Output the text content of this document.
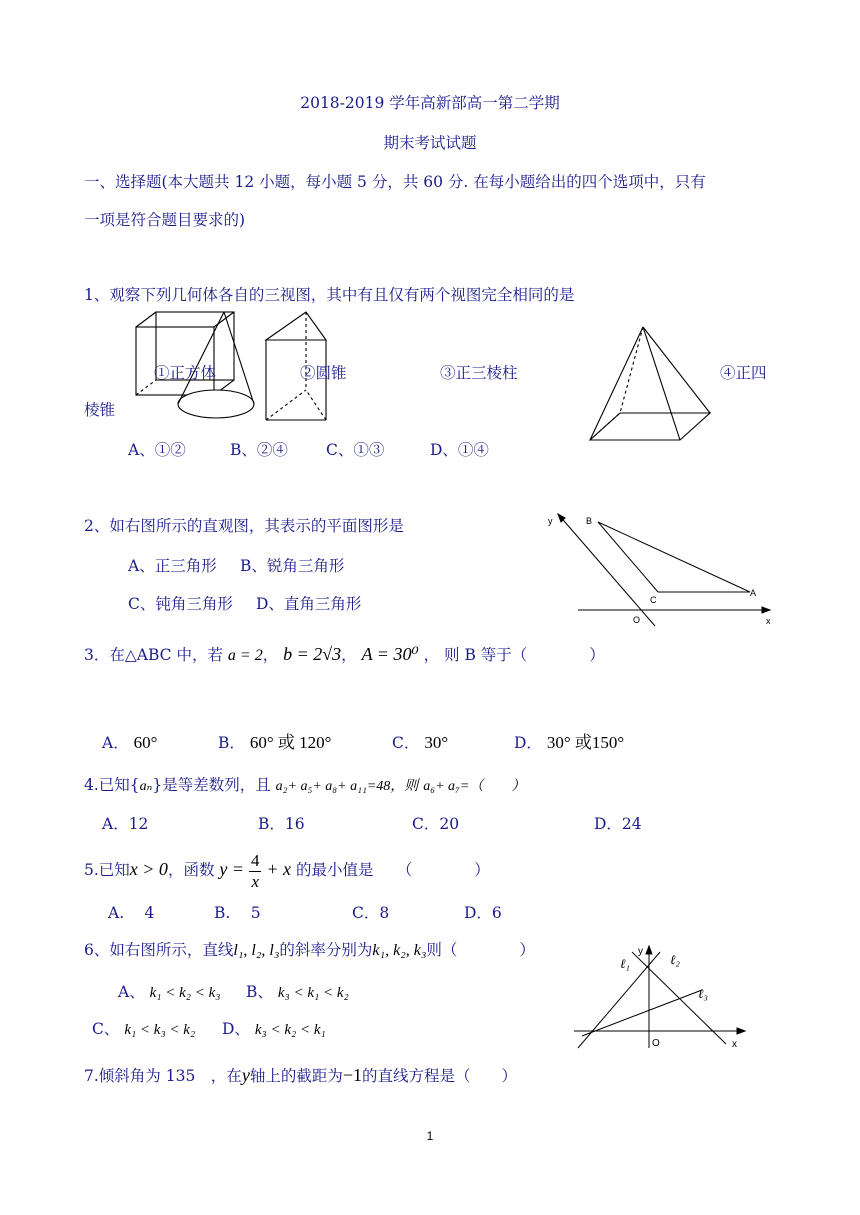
2018-2019 学年高新部高一第二学期
期末考试试题
一、选择题(本大题共 12 小题，每小题 5 分，共 60 分. 在每小题给出的四个选项中，只有
一项是符合题目要求的)
1、观察下列几何体各自的三视图，其中有且仅有两个视图完全相同的是
①正方体	②圆锥	③正三棱柱	④正四
棱锥
A、①②	B、②④ C、①③	D、①④
2、如右图所示的直观图，其表示的平面图形是
A、正三角形 B、锐角三角形
C、钝角三角形 D、直角三角形
y
x
O
B
C
A
3．在△ABC 中，若 a = 2， b = 2√3， A = 30⁰ ， 则 B 等于（　　　　）
A． 60°	B． 60° 或 120°	C． 30°	D． 30° 或150°
4.已知{aₙ}是等差数列，且 a₂+ a₅+ a₈+ a₁₁=48，则 a₆+ a₇=（　　）
A．12	B．16	C．20	D．24
5.已知x > 0，函数 $y = \frac{4}{x} + x$ 的最小值是　　（　　　　）
A.　 4	B.　 5	C．8	D．6
6、如右图所示，直线l₁, l₂, l₃的斜率分别为k₁, k₂, k₃则（　　　　）
A、 k₁ < k₂ < k₃ B、 k₃ < k₁ < k₂
C、 k₁ < k₃ < k₂ D、 k₃ < k₂ < k₁
y
x
O
ℓ₁	ℓ₂
ℓ₃
7.倾斜角为 135　，在y轴上的截距为−1的直线方程是（　　）
1
